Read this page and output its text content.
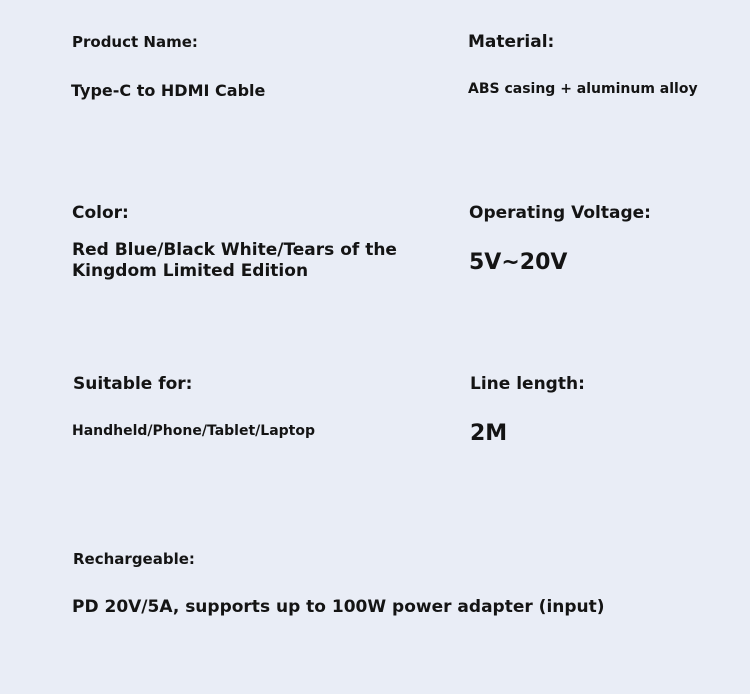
Product Name:
Type-C to HDMI Cable
Material:
ABS casing + aluminum alloy
Color:
Red Blue/Black White/Tears of the Kingdom Limited Edition
Operating Voltage:
5V~20V
Suitable for:
Handheld/Phone/Tablet/Laptop
Line length:
2M
Rechargeable:
PD 20V/5A, supports up to 100W power adapter (input)
